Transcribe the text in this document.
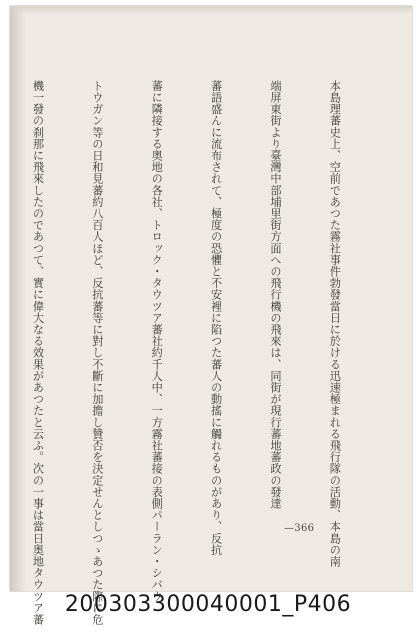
本島理蕃史上、空前であつた霧社事件勃發當日に於ける迅速極まれる飛行隊の活動、本島の南

端屏東街より臺灣中部埔里街方面への飛行機の飛來は、同街が現行蕃地蕃政の發達

蕃語盛んに流布されて、極度の恐懼と不安裡に陷つた蕃人の動搖に觸れるものがあり、反抗

蕃に隣接する奥地の各社、トロック・タウツア蕃社約千人中、一方霧社蕃接の表側パーラン・シバウ

トウガン等の日和見蕃約八百人ほど、反抗蕃等に對し不斷に加擔し贊否を決定せんとしつゝあつた際に危

機一發の刹那に飛來したのであつて、實に偉大なる效果があつたと云ふ。次の一事は當日奥地タウツア蕃

	—366
200303300040001_P406
